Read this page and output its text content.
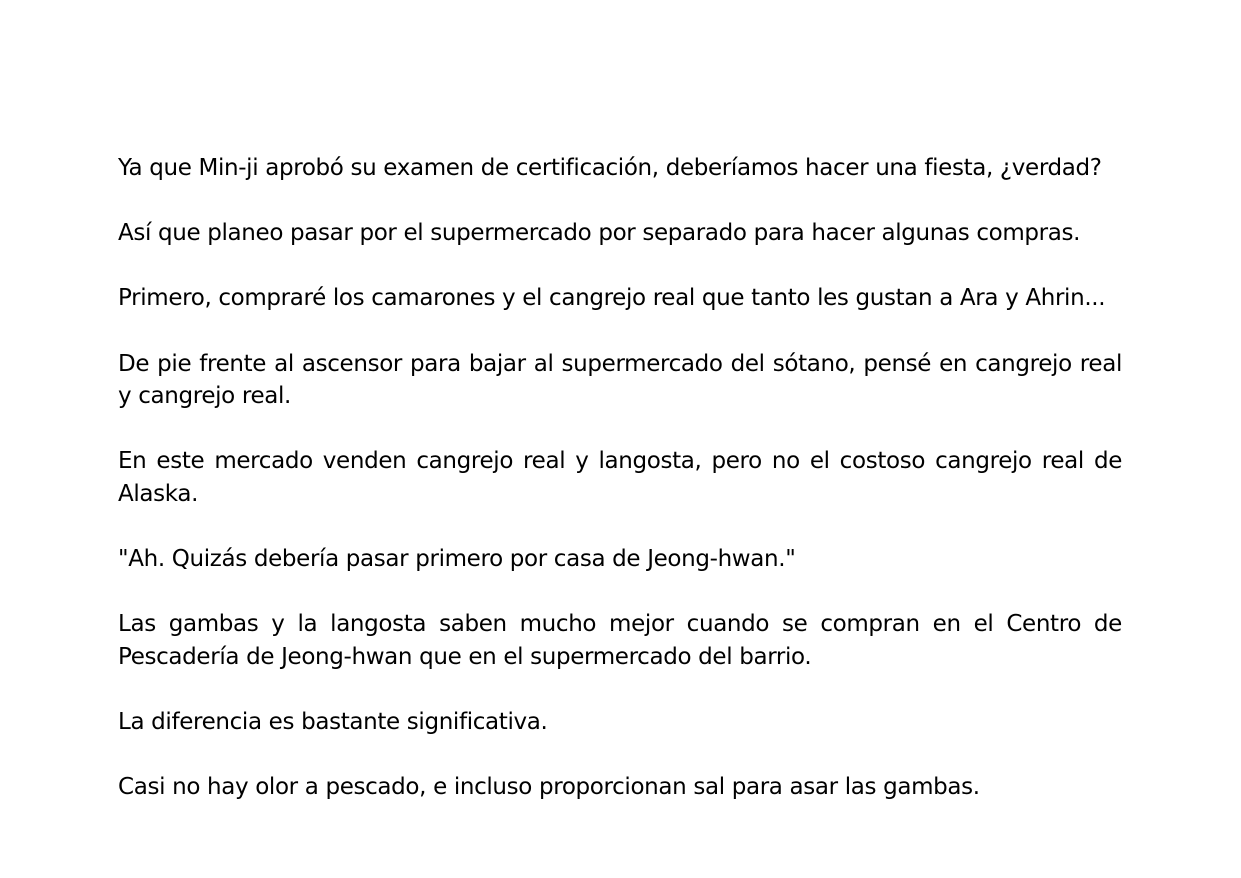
Ya que Min-ji aprobó su examen de certificación, deberíamos hacer una fiesta, ¿verdad?

Así que planeo pasar por el supermercado por separado para hacer algunas compras.

Primero, compraré los camarones y el cangrejo real que tanto les gustan a Ara y Ahrin...

De pie frente al ascensor para bajar al supermercado del sótano, pensé en cangrejo real y cangrejo real.

En este mercado venden cangrejo real y langosta, pero no el costoso cangrejo real de Alaska.

"Ah. Quizás debería pasar primero por casa de Jeong-hwan."

Las gambas y la langosta saben mucho mejor cuando se compran en el Centro de Pescadería de Jeong-hwan que en el supermercado del barrio.

La diferencia es bastante significativa.

Casi no hay olor a pescado, e incluso proporcionan sal para asar las gambas.
